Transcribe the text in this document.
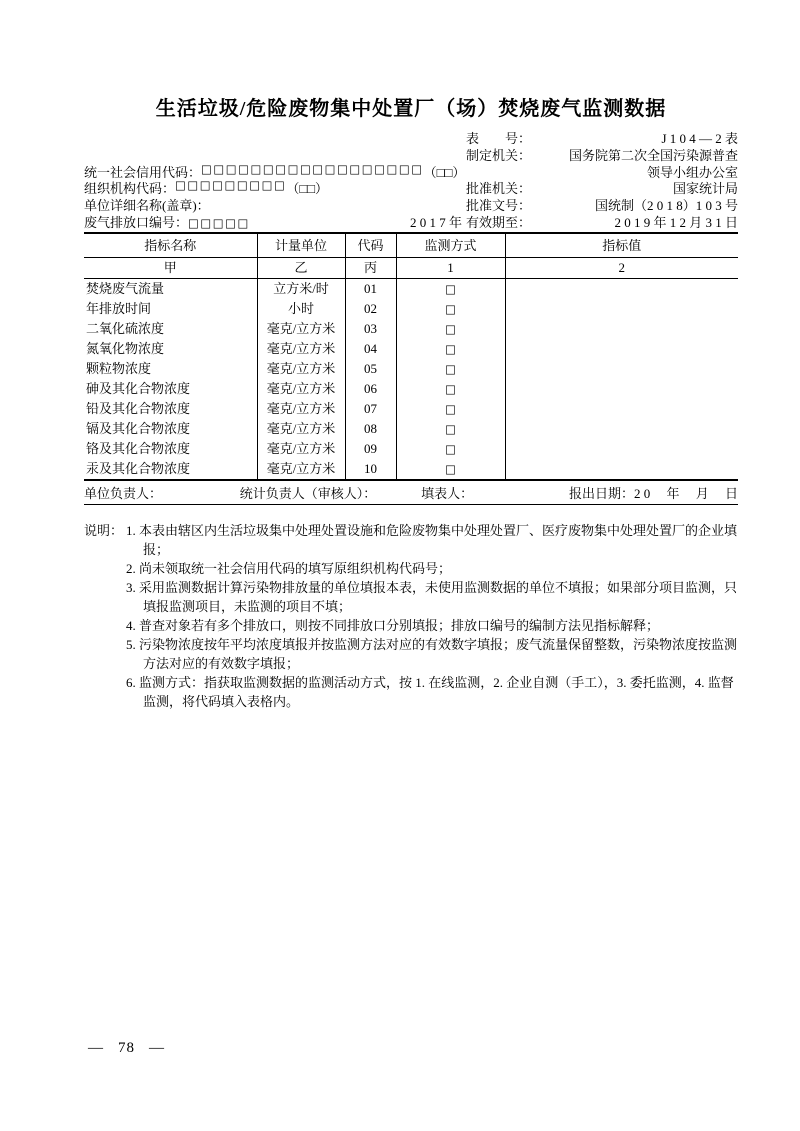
生活垃圾/危险废物集中处置厂（场）焚烧废气监测数据
表　　号：	J 1 0 4 — 2 表
制定机关：	国务院第二次全国污染源普查
统一社会信用代码： □□□□□□□□□□□□□□□□□□ （□□）	领导小组办公室
组织机构代码： □□□□□□□□□ （□□）	批准机关：	国家统计局
单位详细名称(盖章)：	批准文号：	国统制（2 0 1 8）1 0 3 号
废气排放口编号：□□□□□	2 0 1 7 年 有效期至：	2 0 1 9 年 1 2 月 3 1 日
指标名称	计量单位	代码	监测方式	指标值
甲	乙	丙	1	2
焚烧废气流量	立方米/时	01	□	
年排放时间	小时	02	□	
二氧化硫浓度	毫克/立方米	03	□	
氮氧化物浓度	毫克/立方米	04	□	
颗粒物浓度	毫克/立方米	05	□	
砷及其化合物浓度	毫克/立方米	06	□	
铅及其化合物浓度	毫克/立方米	07	□	
镉及其化合物浓度	毫克/立方米	08	□	
铬及其化合物浓度	毫克/立方米	09	□	
汞及其化合物浓度	毫克/立方米	10	□	
单位负责人：	统计负责人（审核人）：	填表人：	报出日期：2 0　 年　 月　 日
说明： 1. 本表由辖区内生活垃圾集中处理处置设施和危险废物集中处理处置厂、医疗废物集中处理处置厂的企业填报；
2. 尚未领取统一社会信用代码的填写原组织机构代码号；
3. 采用监测数据计算污染物排放量的单位填报本表，未使用监测数据的单位不填报；如果部分项目监测，只填报监测项目，未监测的项目不填；
4. 普查对象若有多个排放口，则按不同排放口分别填报；排放口编号的编制方法见指标解释；
5. 污染物浓度按年平均浓度填报并按监测方法对应的有效数字填报；废气流量保留整数，污染物浓度按监测方法对应的有效数字填报；
6. 监测方式：指获取监测数据的监测活动方式，按 1. 在线监测，2. 企业自测（手工），3. 委托监测，4. 监督监测，将代码填入表格内。
— 78 —
